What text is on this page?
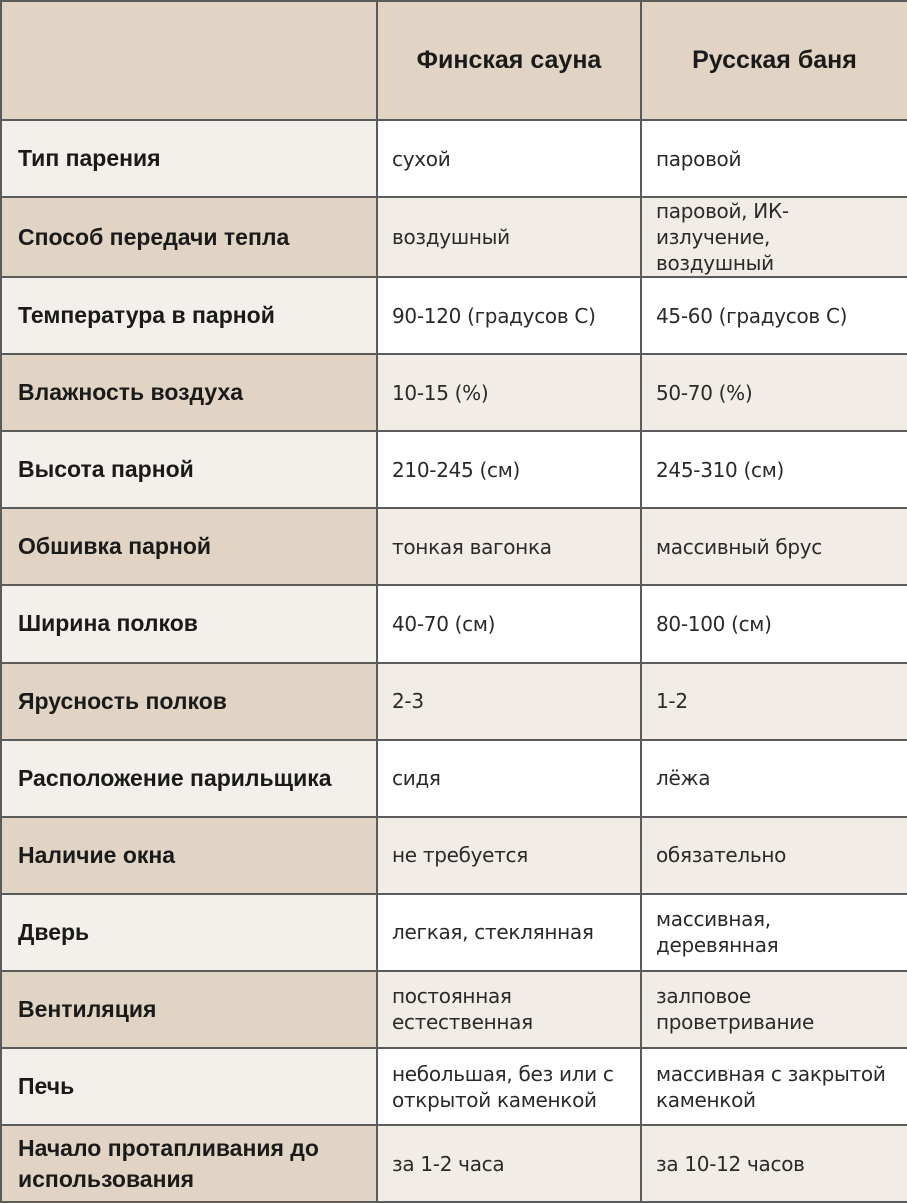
	Финская сауна	Русская баня
Тип парения	сухой	паровой
Способ передачи тепла	воздушный	паровой, ИК-излучение, воздушный
Температура в парной	90-120 (градусов С)	45-60 (градусов С)
Влажность воздуха	10-15 (%)	50-70 (%)
Высота парной	210-245 (см)	245-310 (см)
Обшивка парной	тонкая вагонка	массивный брус
Ширина полков	40-70 (см)	80-100 (см)
Ярусность полков	2-3	1-2
Расположение парильщика	сидя	лёжа
Наличие окна	не требуется	обязательно
Дверь	легкая, стеклянная	массивная, деревянная
Вентиляция	постоянная естественная	залповое проветривание
Печь	небольшая, без или с открытой каменкой	массивная с закрытой каменкой
Начало протапливания до использования	за 1-2 часа	за 10-12 часов
